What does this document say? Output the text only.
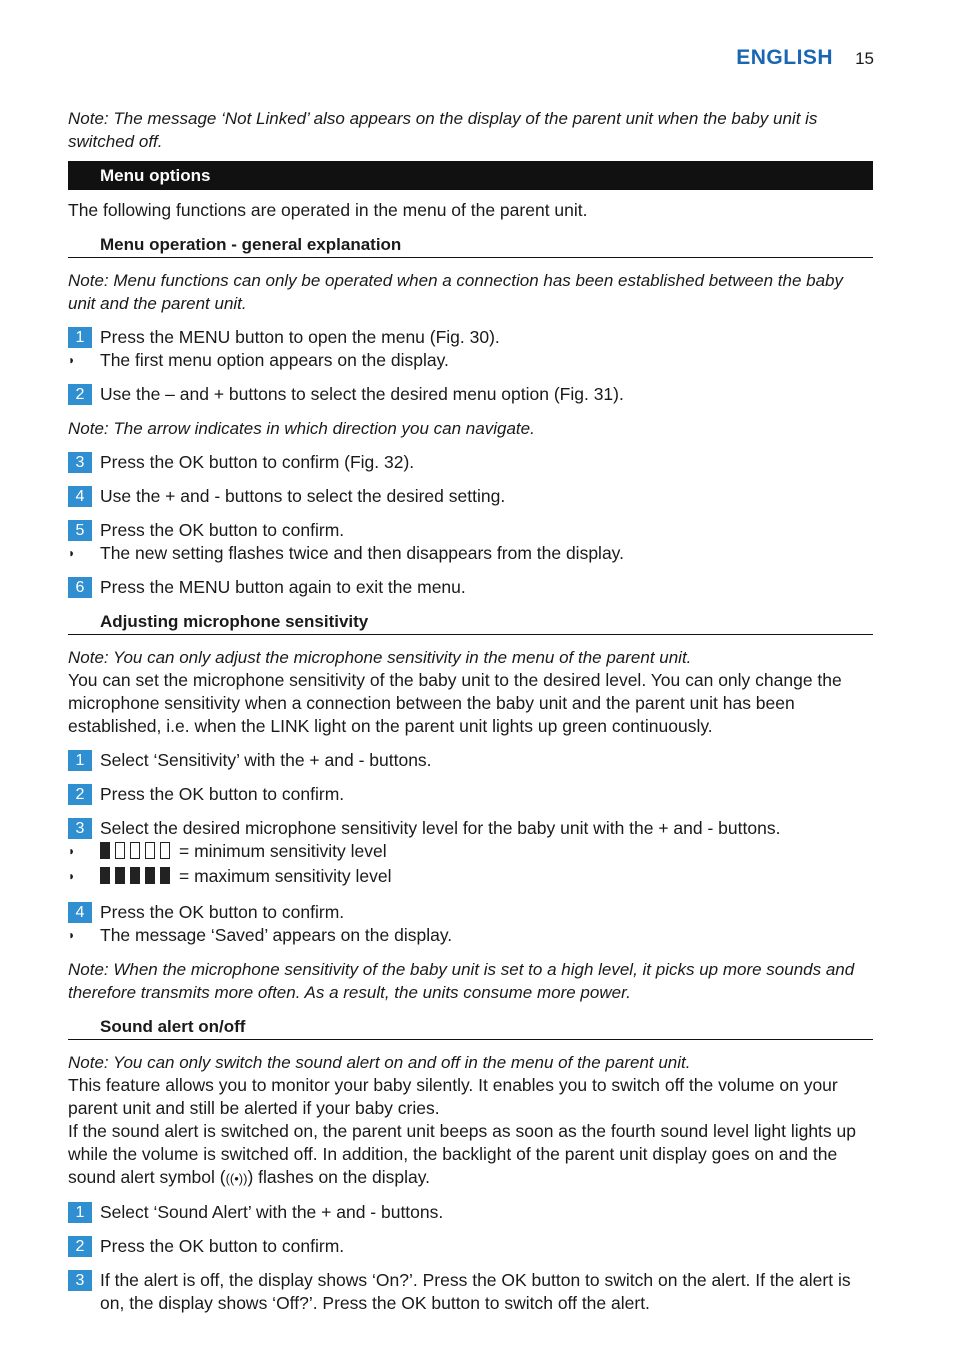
ENGLISH 15

Note: The message ‘Not Linked’ also appears on the display of the parent unit when the baby unit is switched off.

Menu options

The following functions are operated in the menu of the parent unit.

Menu operation - general explanation

Note: Menu functions can only be operated when a connection has been established between the baby unit and the parent unit.

1 Press the MENU button to open the menu (Fig. 30).
◗	The first menu option appears on the display.
2 Use the – and + buttons to select the desired menu option (Fig. 31).

Note: The arrow indicates in which direction you can navigate.

3 Press the OK button to confirm (Fig. 32).
4 Use the + and - buttons to select the desired setting.
5 Press the OK button to confirm.
◗	The new setting flashes twice and then disappears from the display.
6 Press the MENU button again to exit the menu.
Adjusting microphone sensitivity

Note: You can only adjust the microphone sensitivity in the menu of the parent unit.

You can set the microphone sensitivity of the baby unit to the desired level. You can only change the microphone sensitivity when a connection between the baby unit and the parent unit has been established, i.e. when the LINK light on the parent unit lights up green continuously.

1 Select ‘Sensitivity’ with the + and - buttons.
2 Press the OK button to confirm.
3 Select the desired microphone sensitivity level for the baby unit with the + and - buttons.
◗	= minimum sensitivity level
◗	= maximum sensitivity level
4 Press the OK button to confirm.
◗	The message ‘Saved’ appears on the display.

Note: When the microphone sensitivity of the baby unit is set to a high level, it picks up more sounds and therefore transmits more often. As a result, the units consume more power.

Sound alert on/off

Note: You can only switch the sound alert on and off in the menu of the parent unit.

This feature allows you to monitor your baby silently. It enables you to switch off the volume on your parent unit and still be alerted if your baby cries.

If the sound alert is switched on, the parent unit beeps as soon as the fourth sound level light lights up while the volume is switched off. In addition, the backlight of the parent unit display goes on and the sound alert symbol (((•))) flashes on the display.

1 Select ‘Sound Alert’ with the + and - buttons.
2 Press the OK button to confirm.
3 If the alert is off, the display shows ‘On?’. Press the OK button to switch on the alert. If the alert is on, the display shows ‘Off?’. Press the OK button to switch off the alert.
